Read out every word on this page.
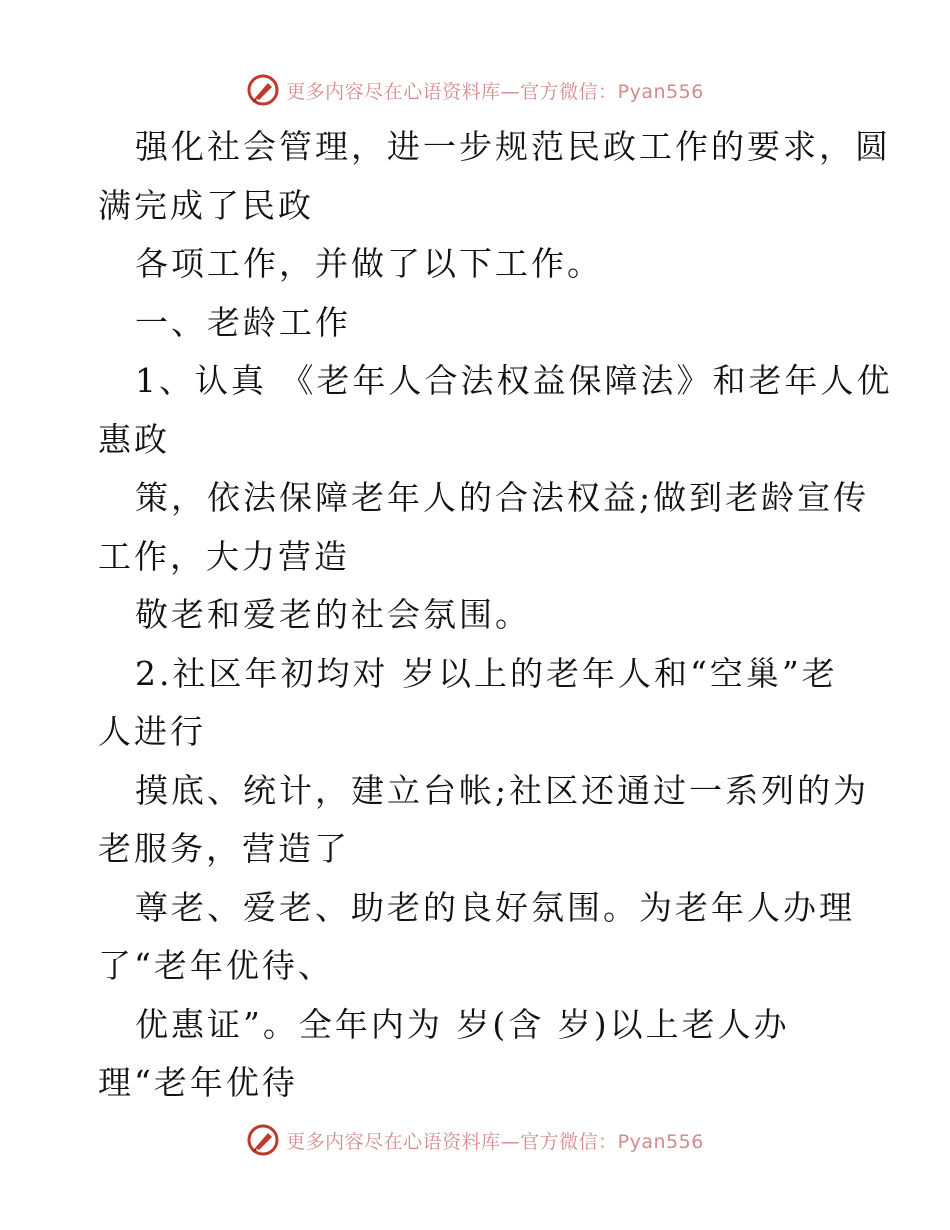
更多内容尽在心语资料库—官方微信：Pyan556
强化社会管理，进一步规范民政工作的要求，圆
满完成了民政
各项工作，并做了以下工作。
一、老龄工作
1、认真 《老年人合法权益保障法》和老年人优
惠政
策，依法保障老年人的合法权益;做到老龄宣传
工作，大力营造
敬老和爱老的社会氛围。
2.社区年初均对 岁以上的老年人和“空巢”老
人进行
摸底、统计，建立台帐;社区还通过一系列的为
老服务，营造了
尊老、爱老、助老的良好氛围。为老年人办理
了“老年优待、
优惠证”。全年内为 岁(含 岁)以上老人办
理“老年优待
更多内容尽在心语资料库—官方微信：Pyan556
